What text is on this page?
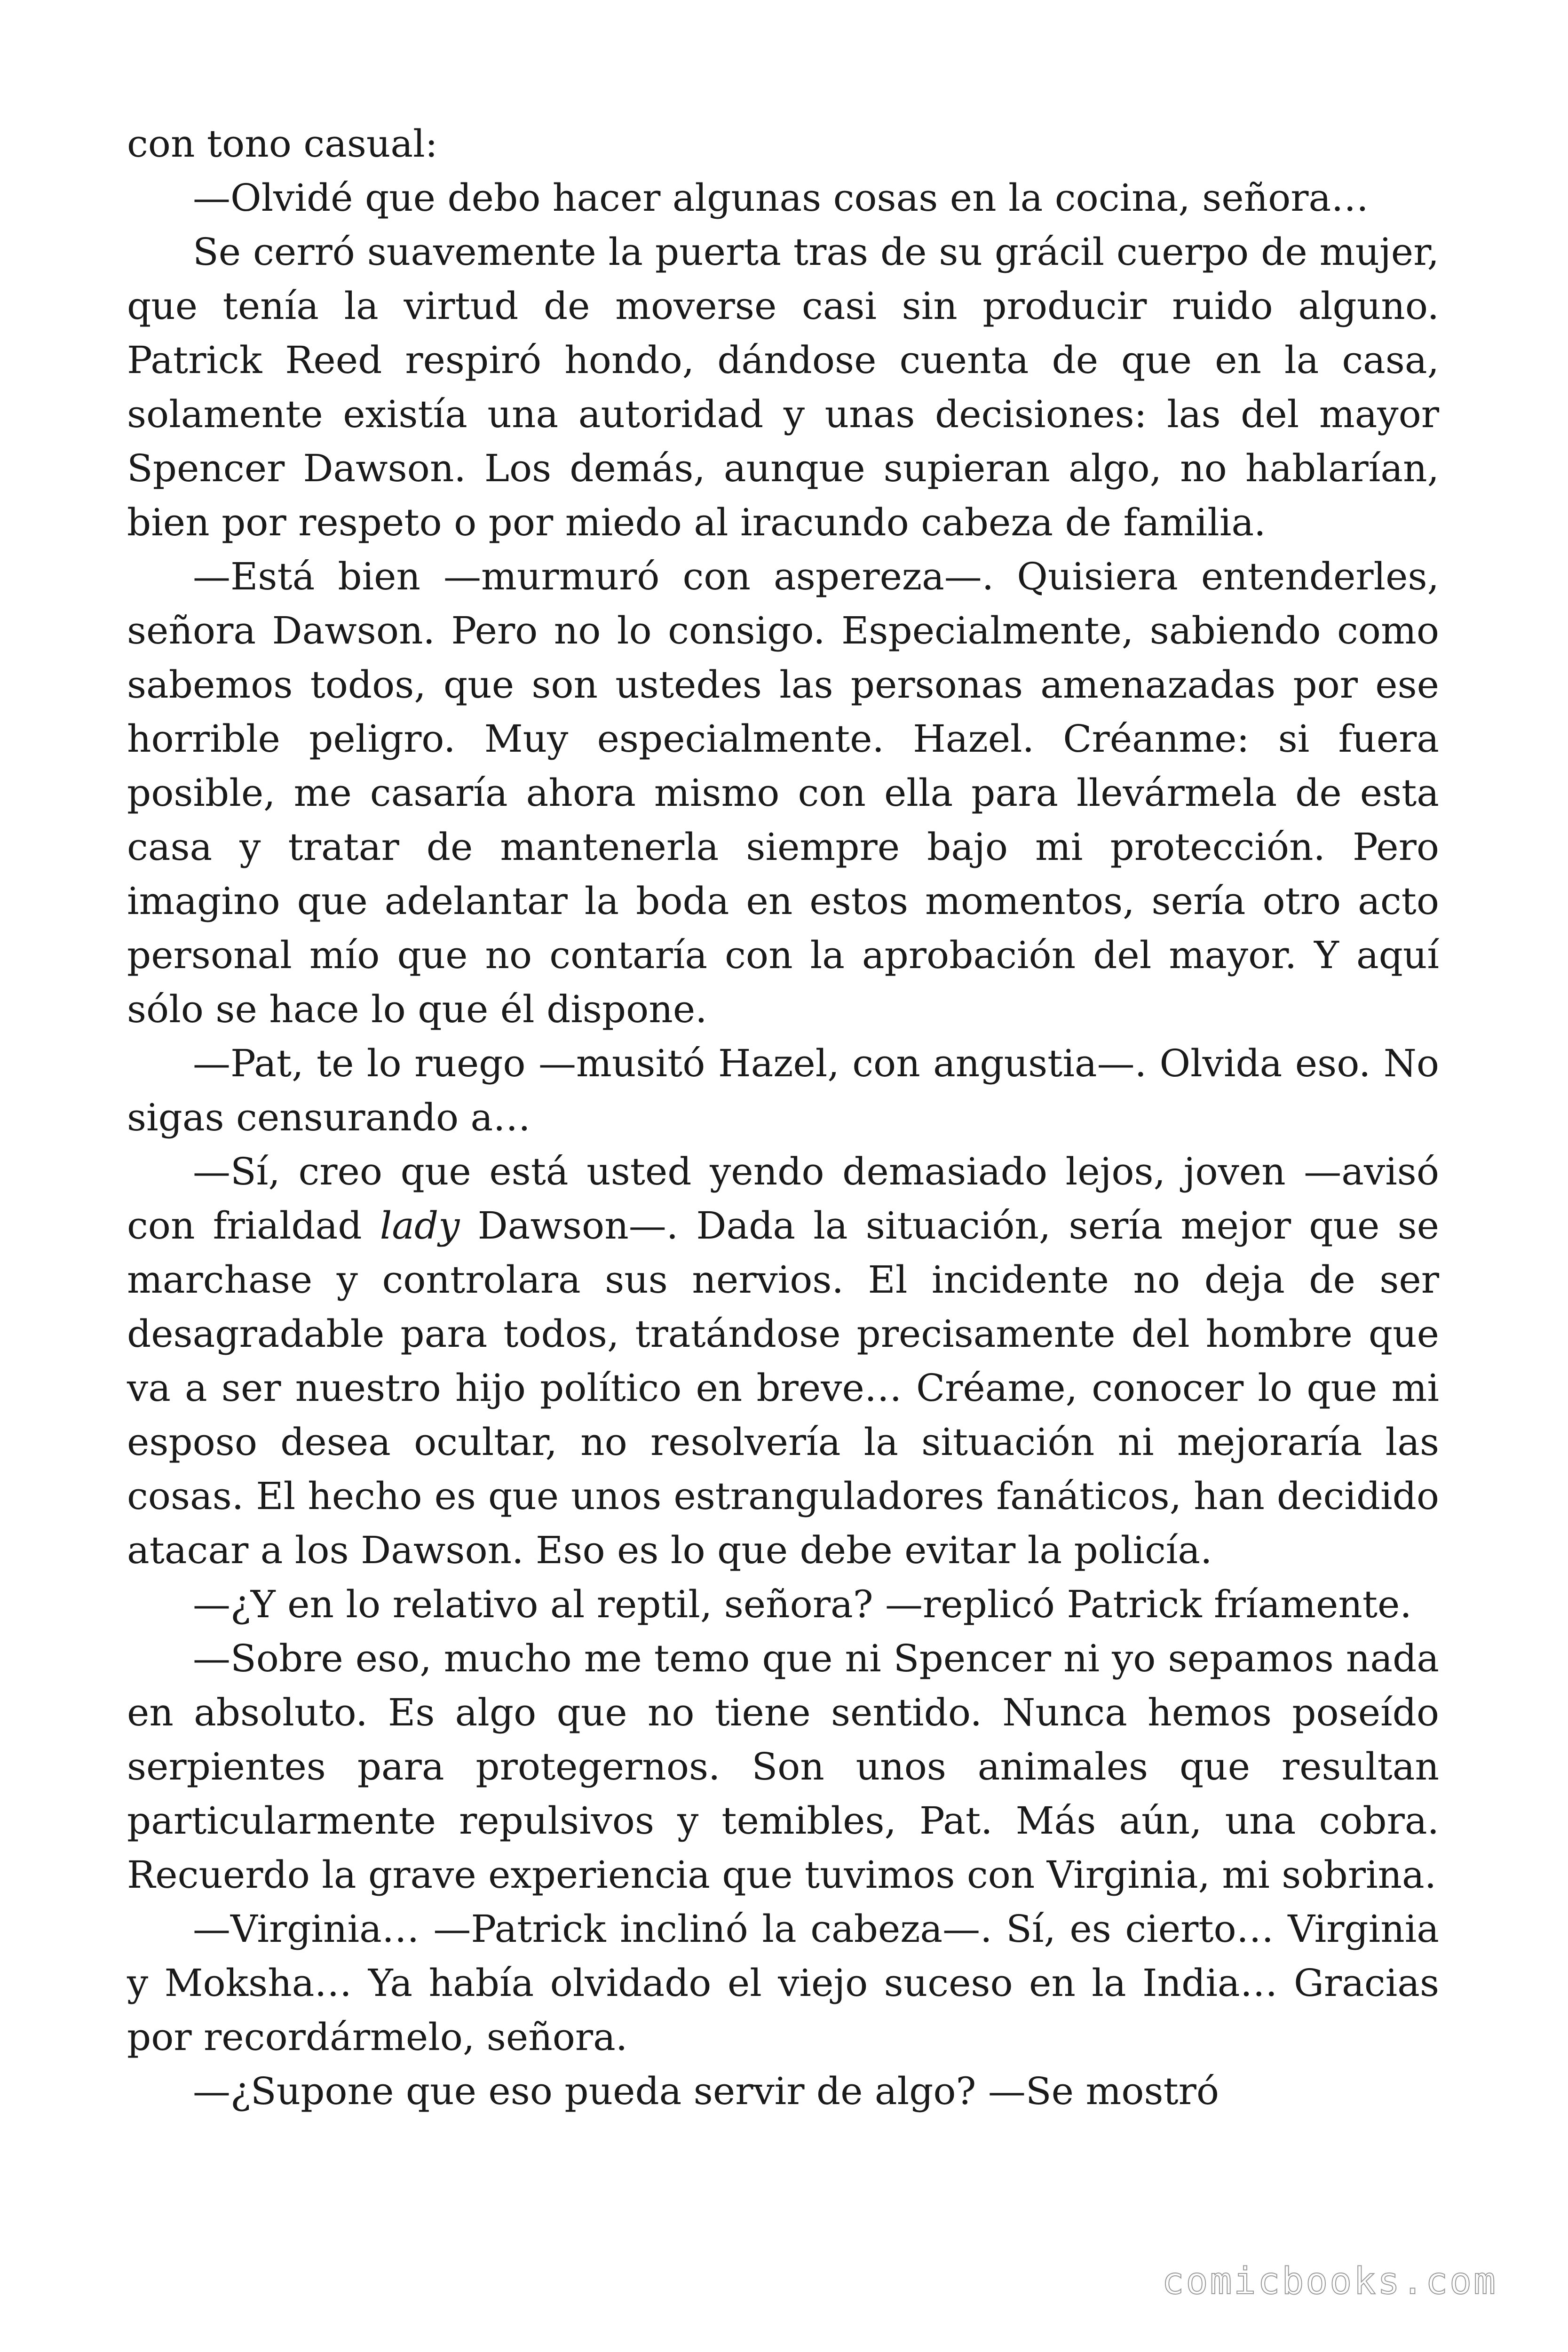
con tono casual:

—Olvidé que debo hacer algunas cosas en la cocina, señora…

Se cerró suavemente la puerta tras de su grácil cuerpo de mujer, que tenía la virtud de moverse casi sin producir ruido alguno. Patrick Reed respiró hondo, dándose cuenta de que en la casa, solamente existía una autoridad y unas decisiones: las del mayor Spencer Dawson. Los demás, aunque supieran algo, no hablarían, bien por respeto o por miedo al iracundo cabeza de familia.

—Está bien —murmuró con aspereza—. Quisiera entenderles, señora Dawson. Pero no lo consigo. Especialmente, sabiendo como sabemos todos, que son ustedes las personas amenazadas por ese horrible peligro. Muy especialmente. Hazel. Créanme: si fuera posible, me casaría ahora mismo con ella para llevármela de esta casa y tratar de mantenerla siempre bajo mi protección. Pero imagino que adelantar la boda en estos momentos, sería otro acto personal mío que no contaría con la aprobación del mayor. Y aquí sólo se hace lo que él dispone.

—Pat, te lo ruego —musitó Hazel, con angustia—. Olvida eso. No sigas censurando a…

—Sí, creo que está usted yendo demasiado lejos, joven —avisó con frialdad lady Dawson—. Dada la situación, sería mejor que se marchase y controlara sus nervios. El incidente no deja de ser desagradable para todos, tratándose precisamente del hombre que va a ser nuestro hijo político en breve… Créame, conocer lo que mi esposo desea ocultar, no resolvería la situación ni mejoraría las cosas. El hecho es que unos estranguladores fanáticos, han decidido atacar a los Dawson. Eso es lo que debe evitar la policía.

—¿Y en lo relativo al reptil, señora? —replicó Patrick fríamente.

—Sobre eso, mucho me temo que ni Spencer ni yo sepamos nada en absoluto. Es algo que no tiene sentido. Nunca hemos poseído serpientes para protegernos. Son unos animales que resultan particularmente repulsivos y temibles, Pat. Más aún, una cobra. Recuerdo la grave experiencia que tuvimos con Virginia, mi sobrina.

—Virginia… —Patrick inclinó la cabeza—. Sí, es cierto… Virginia y Moksha… Ya había olvidado el viejo suceso en la India… Gracias por recordármelo, señora.

—¿Supone que eso pueda servir de algo? —Se mostró

comicbooks.com
